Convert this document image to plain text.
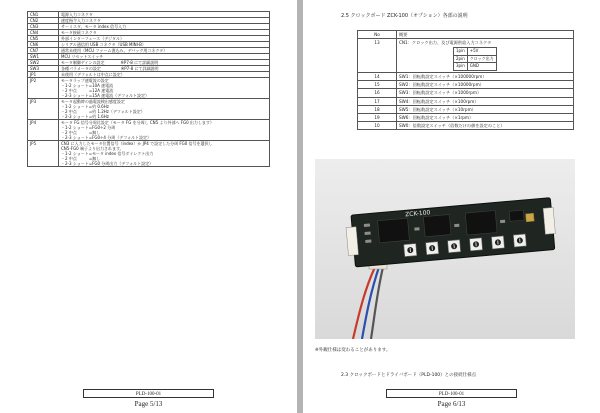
CN1	電源入力コネクタ

CN2	速度指令入力コネクタ

CN3	サーミスタ、モータ index 信号入力

CN4	モータ接続コネクタ

CN5	外部インターフェース（デジタル）

CN6	シリアル通信用 USB コネクタ（USB MINI-B）

CN7	通常未使用（MCU ファーム書込み、デバッグ用コネクタ）

SW1	MCU リセットスイッチ

SW2	モータ制御ゲインの設定　　　　※P7-8 にて詳細説明

SW3	各種パラメータの設定　　　　　※P7-8 にて詳細説明

JP1	未使用（デフォルトは中点に設定）

JP2	モータラップ速電流の設定
・1-2 ショート=10A 速電流
・2 中点　　　=12A 速電流
・2-3 ショート=15A 速電流（デフォルト設定）

JP3	モータ起動時の過電流検出感度設定
・1-2 ショート=約 0.6Hz
・2 中点　　　=約 1.2Hz（デフォルト設定）
・2-3 ショート=約 1.6Hz

JP4	モータ FG 信号分周比設定（モータ FG を分周し CN5 より外部へ FG0 出力します）
・1-2 ショート=FG0÷2 分周
・2 中点　　　=無し
・2-3 ショート=FG0÷4 分周（デフォルト設定）

JP5	CN3 に入力したモータ位置信号（index）か JP4 で設定した分周 FG0 信号を選択し
CN5-FG0 端子より出力されます。
・1-2 ショート=モータ index 信号ダイレクト出力
・2 中点　　　=無し
・2-3 ショート=FG0 分周出力（デフォルト設定）
PLD-100-01
Page 5/13
2.5 クロックボード ZCK-100（オプション）各部の説明
No	概要
13	CN1：クロック出力、及び電源供給入力コネクタ
1pin	+5V
2pin	クロック出力
3pin	GND

14	SW1：回転数設定スイッチ（×100000rpm）

15	SW2：回転数設定スイッチ（×10000rpm）

16	SW3：回転数設定スイッチ（×1000rpm）

17	SW4：回転数設定スイッチ（×100rpm）

18	SW5：回転数設定スイッチ（×10rpm）

19	SW6：回転数設定スイッチ（×1rpm）

10	SW0：倍数設定スイッチ（倍数だけの値を設定のこと）
ZCK-100
※外観仕様は変わることがあります。
2.3 クロックボードとドライバボード（PLD-100）との接続仕様点
PLD-100-01
Page 6/13
